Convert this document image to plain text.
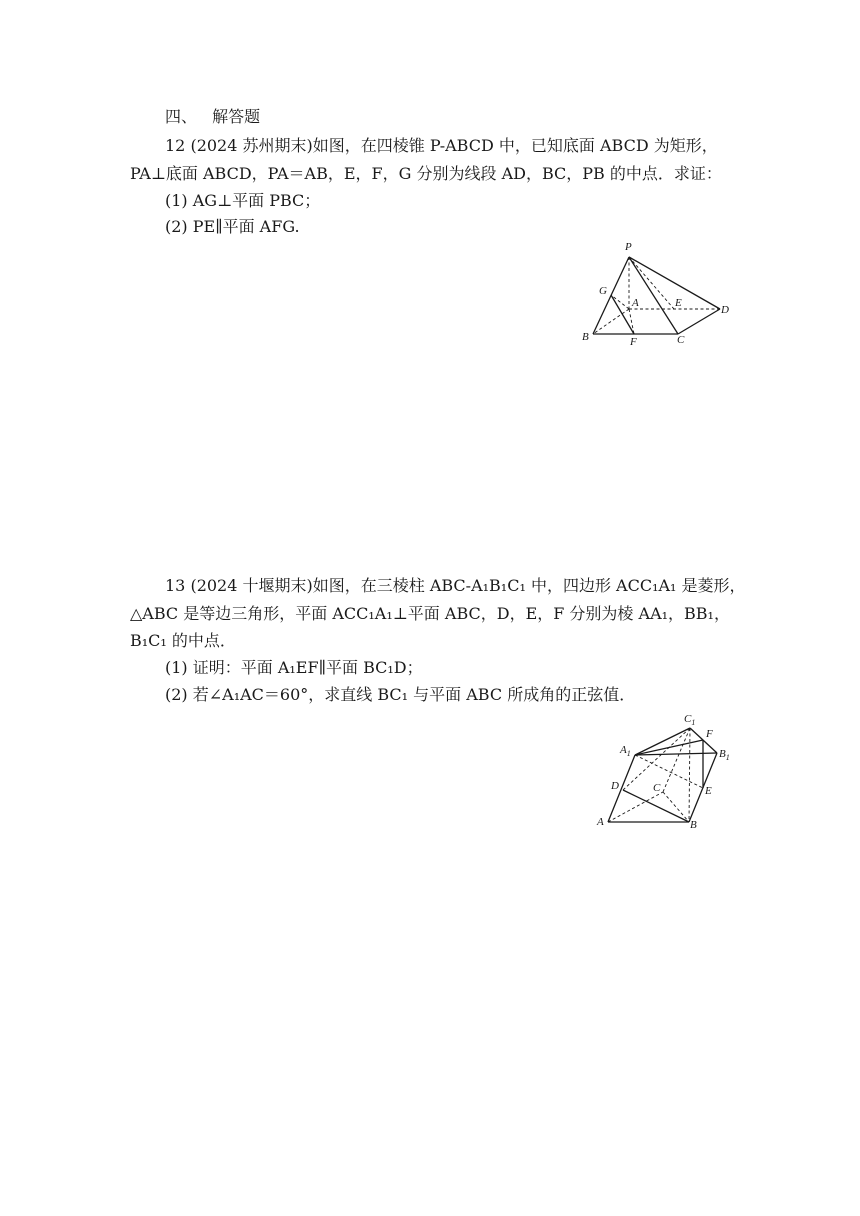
四、 解答题
12 (2024 苏州期末)如图，在四棱锥 P-ABCD 中，已知底面 ABCD 为矩形，
PA⊥底面 ABCD，PA＝AB，E，F，G 分别为线段 AD，BC，PB 的中点．求证：
(1) AG⊥平面 PBC；
(2) PE∥平面 AFG.
P
G
A	E
D
B	F	C
13 (2024 十堰期末)如图，在三棱柱 ABC-A₁B₁C₁ 中，四边形 ACC₁A₁ 是菱形，
△ABC 是等边三角形，平面 ACC₁A₁⊥平面 ABC，D，E，F 分别为棱 AA₁，BB₁，
B₁C₁ 的中点．
(1) 证明：平面 A₁EF∥平面 BC₁D；
(2) 若∠A₁AC＝60°，求直线 BC₁ 与平面 ABC 所成角的正弦值．
$C_1$
F
$A_1$	$B_1$
D	C	E
A	B
